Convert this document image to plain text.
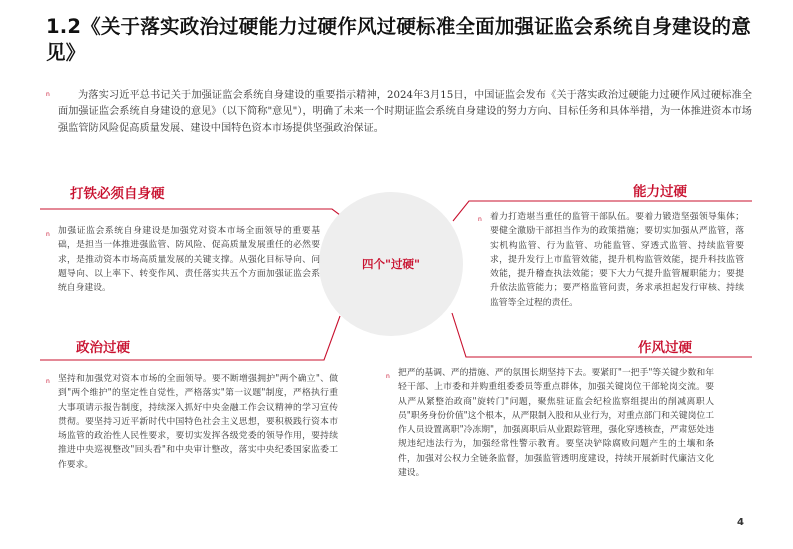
1.2《关于落实政治过硬能力过硬作风过硬标准全面加强证监会系统自身建设的意见》
n	为落实习近平总书记关于加强证监会系统自身建设的重要指示精神，2024年3月15日，中国证监会发布《关于落实政治过硬能力过硬作风过硬标准全面加强证监会系统自身建设的意见》（以下简称"意见"），明确了未来一个时期证监会系统自身建设的努力方向、目标任务和具体举措，为一体推进资本市场强监管防风险促高质量发展、建设中国特色资本市场提供坚强政治保证。
四个"过硬"
打铁必须自身硬
n 加强证监会系统自身建设是加强党对资本市场全面领导的重要基础，是担当一体推进强监管、防风险、促高质量发展重任的必然要求，是推动资本市场高质量发展的关键支撑。从强化目标导向、问题导向、以上率下、转变作风、责任落实共五个方面加强证监会系统自身建设。
能力过硬
n 着力打造堪当重任的监管干部队伍。要着力锻造坚强领导集体；要健全激励干部担当作为的政策措施；要切实加强从严监管，落实机构监管、行为监管、功能监管、穿透式监管、持续监管要求，提升发行上市监管效能，提升机构监管效能，提升科技监管效能，提升稽查执法效能；要下大力气提升监管履职能力；要提升依法监管能力；要严格监管问责，务求承担起发行审核、持续监管等全过程的责任。
政治过硬
n 坚持和加强党对资本市场的全面领导。要不断增强拥护"两个确立"、做到"两个维护"的坚定性自觉性，严格落实"第一议题"制度，严格执行重大事项请示报告制度，持续深入抓好中央金融工作会议精神的学习宣传贯彻。要坚持习近平新时代中国特色社会主义思想，要积极践行资本市场监管的政治性人民性要求，要切实发挥各级党委的领导作用，要持续推进中央巡视整改"回头看"和中央审计整改，落实中央纪委国家监委工作要求。
作风过硬
n 把严的基调、严的措施、严的氛围长期坚持下去。要紧盯"一把手"等关键少数和年轻干部、上市委和并购重组委委员等重点群体，加强关键岗位干部轮岗交流。要从严从紧整治政商"旋转门"问题，聚焦驻证监会纪检监察组提出的削减离职人员"职务身份价值"这个根本，从严限制入股和从业行为，对重点部门和关键岗位工作人员设置离职"冷冻期"，加强离职后从业跟踪管理，强化穿透核查，严肃惩处违规违纪违法行为，加强经常性警示教育。要坚决铲除腐败问题产生的土壤和条件，加强对公权力全链条监督，加强监管透明度建设，持续开展新时代廉洁文化建设。
4
